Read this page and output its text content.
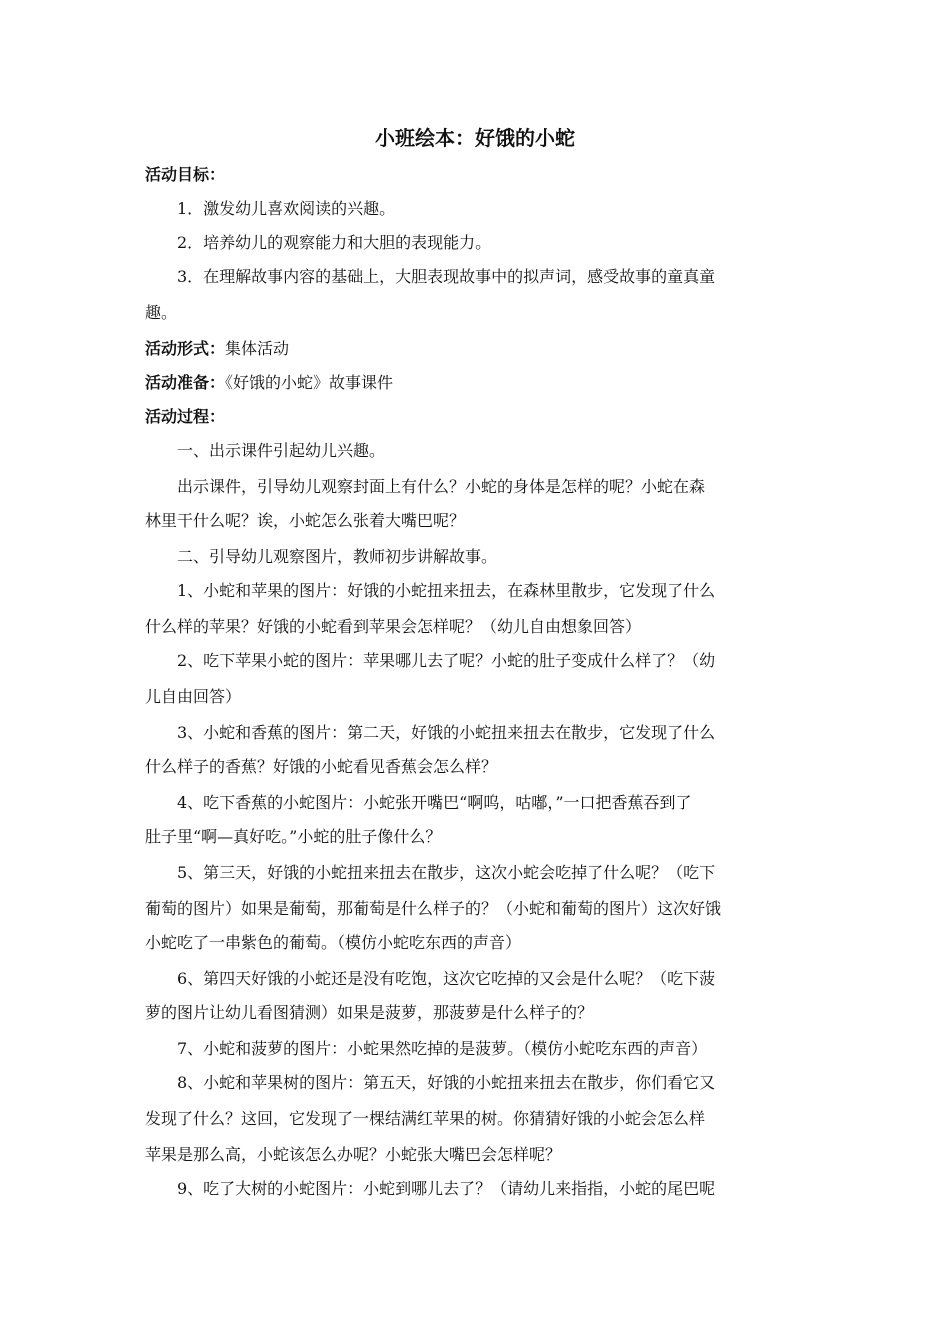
小班绘本：好饿的小蛇
活动目标：
1．激发幼儿喜欢阅读的兴趣。
2．培养幼儿的观察能力和大胆的表现能力。
3．在理解故事内容的基础上，大胆表现故事中的拟声词，感受故事的童真童
趣。
活动形式：集体活动
活动准备：《好饿的小蛇》故事课件
活动过程：
一、出示课件引起幼儿兴趣。
出示课件，引导幼儿观察封面上有什么？小蛇的身体是怎样的呢？小蛇在森
林里干什么呢？诶，小蛇怎么张着大嘴巴呢？
二、引导幼儿观察图片，教师初步讲解故事。
1、小蛇和苹果的图片：好饿的小蛇扭来扭去，在森林里散步，它发现了什么
什么样的苹果？好饿的小蛇看到苹果会怎样呢？（幼儿自由想象回答）
2、吃下苹果小蛇的图片：苹果哪儿去了呢？小蛇的肚子变成什么样了？（幼
儿自由回答）
3、小蛇和香蕉的图片：第二天，好饿的小蛇扭来扭去在散步，它发现了什么
什么样子的香蕉？好饿的小蛇看见香蕉会怎么样？
4、吃下香蕉的小蛇图片：小蛇张开嘴巴“啊呜，咕嘟，”一口把香蕉吞到了
肚子里“啊—真好吃。”小蛇的肚子像什么？
5、第三天，好饿的小蛇扭来扭去在散步，这次小蛇会吃掉了什么呢？（吃下
葡萄的图片）如果是葡萄，那葡萄是什么样子的？（小蛇和葡萄的图片）这次好饿
小蛇吃了一串紫色的葡萄。（模仿小蛇吃东西的声音）
6、第四天好饿的小蛇还是没有吃饱，这次它吃掉的又会是什么呢？（吃下菠
萝的图片让幼儿看图猜测）如果是菠萝，那菠萝是什么样子的？
7、小蛇和菠萝的图片：小蛇果然吃掉的是菠萝。（模仿小蛇吃东西的声音）
8、小蛇和苹果树的图片：第五天，好饿的小蛇扭来扭去在散步，你们看它又
发现了什么？这回，它发现了一棵结满红苹果的树。你猜猜好饿的小蛇会怎么样
苹果是那么高，小蛇该怎么办呢？小蛇张大嘴巴会怎样呢？
9、吃了大树的小蛇图片：小蛇到哪儿去了？（请幼儿来指指，小蛇的尾巴呢
